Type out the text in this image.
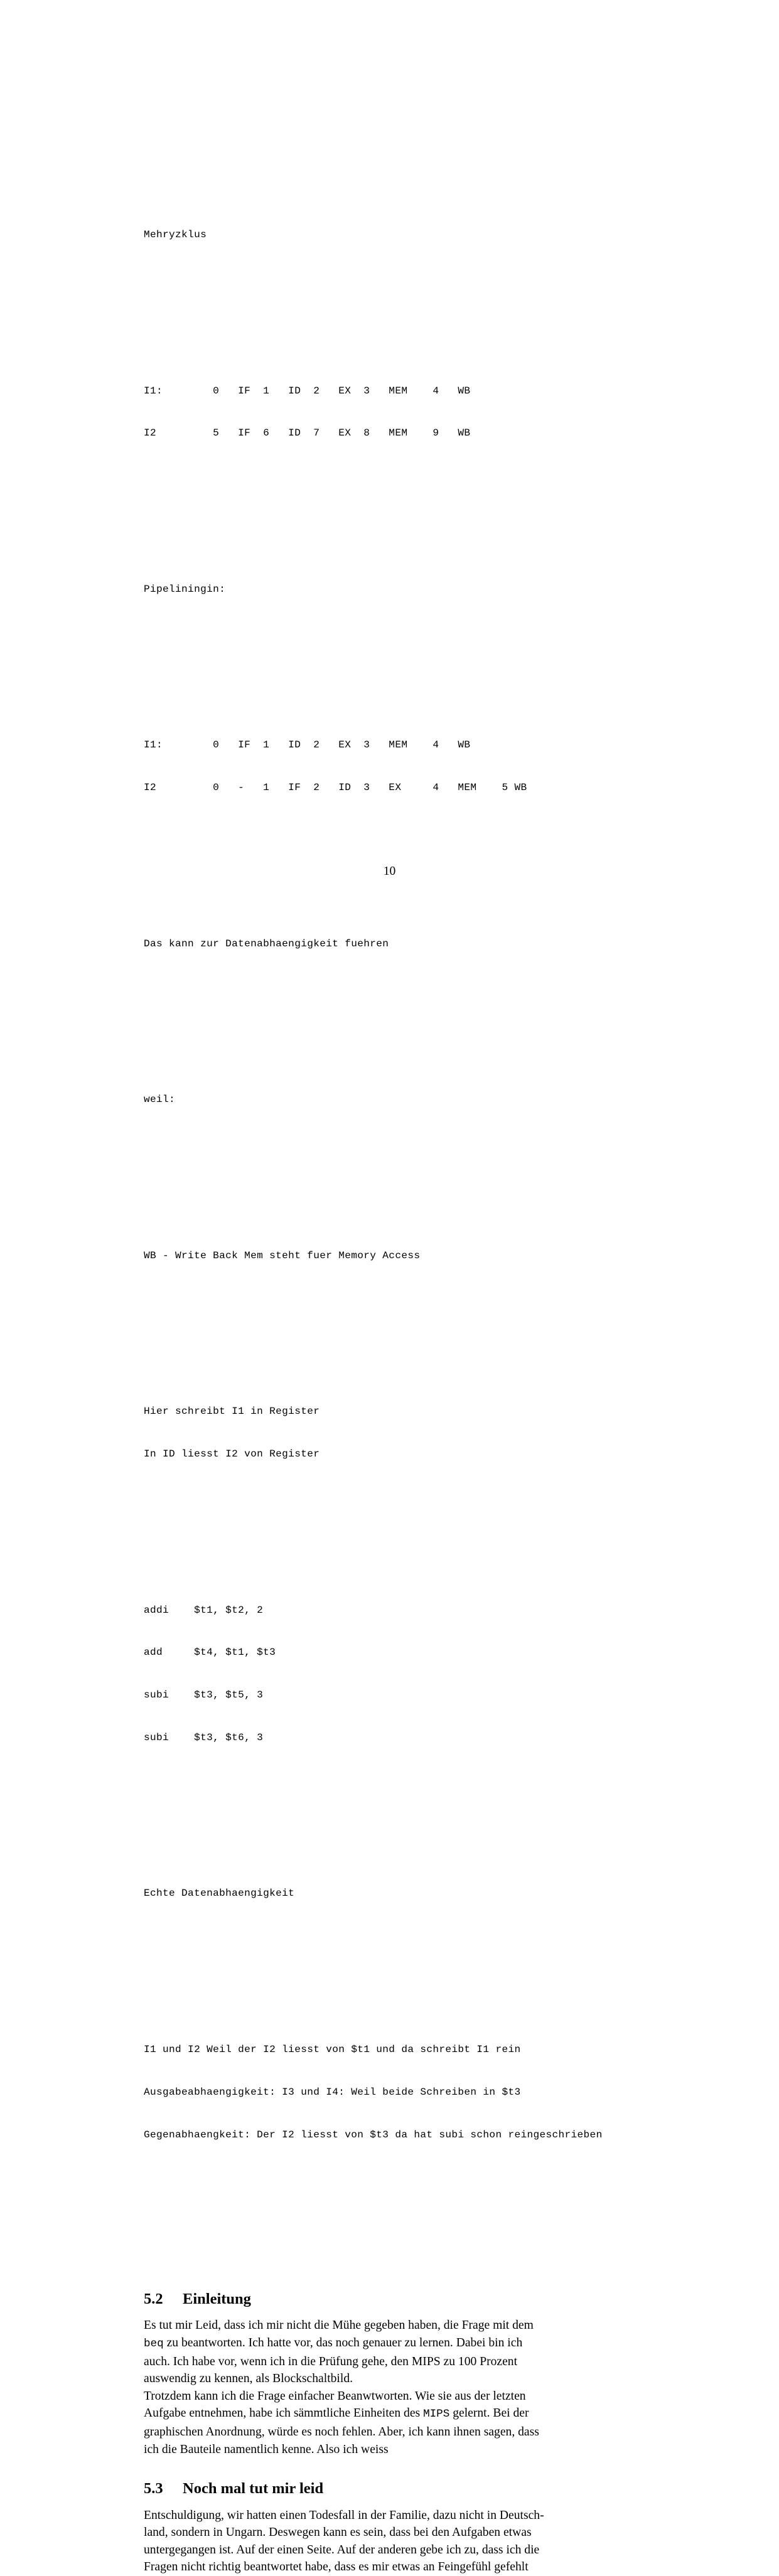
Mehryzklus

I1:        0   IF  1   ID  2   EX  3   MEM    4   WB

I2         5   IF  6   ID  7   EX  8   MEM    9   WB

Pipeliningin:

I1:        0   IF  1   ID  2   EX  3   MEM    4   WB

I2         0   -   1   IF  2   ID  3   EX     4   MEM    5 WB

Das kann zur Datenabhaengigkeit fuehren

weil:

WB - Write Back Mem steht fuer Memory Access

Hier schreibt I1 in Register

In ID liesst I2 von Register

addi    $t1, $t2, 2

add     $t4, $t1, $t3

subi    $t3, $t5, 3

subi    $t3, $t6, 3

Echte Datenabhaengigkeit

I1 und I2 Weil der I2 liesst von $t1 und da schreibt I1 rein

Ausgabeabhaengigkeit: I3 und I4: Weil beide Schreiben in $t3

Gegenabhaengkeit: Der I2 liesst von $t3 da hat subi schon reingeschrieben

5.2	Einleitung
Es tut mir Leid, dass ich mir nicht die Mühe gegeben haben, die Frage mit dem
beq zu beantworten. Ich hatte vor, das noch genauer zu lernen. Dabei bin ich
auch. Ich habe vor, wenn ich in die Prüfung gehe, den MIPS zu 100 Prozent
auswendig zu kennen, als Blockschaltbild.
Trotzdem kann ich die Frage einfacher Beanwtworten. Wie sie aus der letzten
Aufgabe entnehmen, habe ich sämmtliche Einheiten des MIPS gelernt. Bei der
graphischen Anordnung, würde es noch fehlen. Aber, ich kann ihnen sagen, dass
ich die Bauteile namentlich kenne. Also ich weiss
5.3	Noch mal tut mir leid
Entschuldigung, wir hatten einen Todesfall in der Familie, dazu nicht in Deutsch-
land, sondern in Ungarn. Deswegen kann es sein, dass bei den Aufgaben etwas
untergegangen ist. Auf der einen Seite. Auf der anderen gebe ich zu, dass ich die
Fragen nicht richtig beantwortet habe, dass es mir etwas an Feingefühl gefehlt
10
